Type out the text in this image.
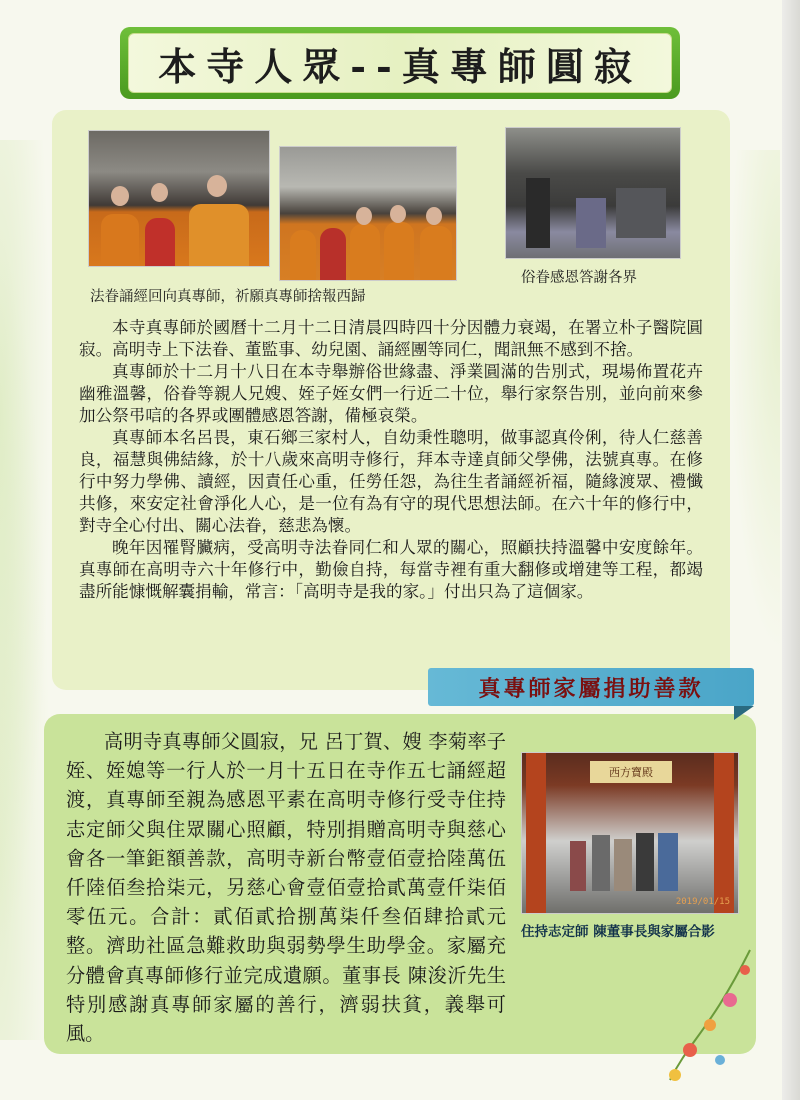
本寺人眾--真專師圓寂
法眷誦經回向真專師，祈願真專師捨報西歸
俗眷感恩答謝各界

本寺真專師於國曆十二月十二日清晨四時四十分因體力衰竭，在署立朴子醫院圓寂。高明寺上下法眷、董監事、幼兒園、誦經團等同仁，聞訊無不感到不捨。

真專師於十二月十八日在本寺舉辦俗世緣盡、淨業圓滿的告別式，現場佈置花卉幽雅溫馨，俗眷等親人兄嫂、姪子姪女們一行近二十位，舉行家祭告別，並向前來參加公祭弔唁的各界或團體感恩答謝，備極哀榮。

真專師本名呂畏，東石鄉三家村人，自幼秉性聰明，做事認真伶俐，待人仁慈善良，福慧與佛結緣，於十八歲來高明寺修行，拜本寺達貞師父學佛，法號真專。在修行中努力學佛、讀經，因責任心重，任勞任怨，為往生者誦經祈福，隨緣渡眾、禮懺共修，來安定社會淨化人心，是一位有為有守的現代思想法師。在六十年的修行中，對寺全心付出、關心法眷，慈悲為懷。

晚年因罹腎臟病，受高明寺法眷同仁和人眾的關心，照顧扶持溫馨中安度餘年。真專師在高明寺六十年修行中，勤儉自持，每當寺裡有重大翻修或增建等工程，都竭盡所能慷慨解囊捐輸，常言：「高明寺是我的家。」付出只為了這個家。

真專師家屬捐助善款

高明寺真專師父圓寂，兄 呂丁賀、嫂 李菊率子姪、姪媳等一行人於一月十五日在寺作五七誦經超渡，真專師至親為感恩平素在高明寺修行受寺住持志定師父與住眾關心照顧，特別捐贈高明寺與慈心會各一筆鉅額善款，高明寺新台幣壹佰壹拾陸萬伍仟陸佰叁拾柒元，另慈心會壹佰壹拾貳萬壹仟柒佰零伍元。合計：貳佰貳拾捌萬柒仟叁佰肆拾貳元整。濟助社區急難救助與弱勢學生助學金。家屬充分體會真專師修行並完成遺願。董事長 陳浚沂先生特別感謝真專師家屬的善行，濟弱扶貧，義舉可風。

西方寶殿
2019/01/15
住持志定師 陳董事長與家屬合影
